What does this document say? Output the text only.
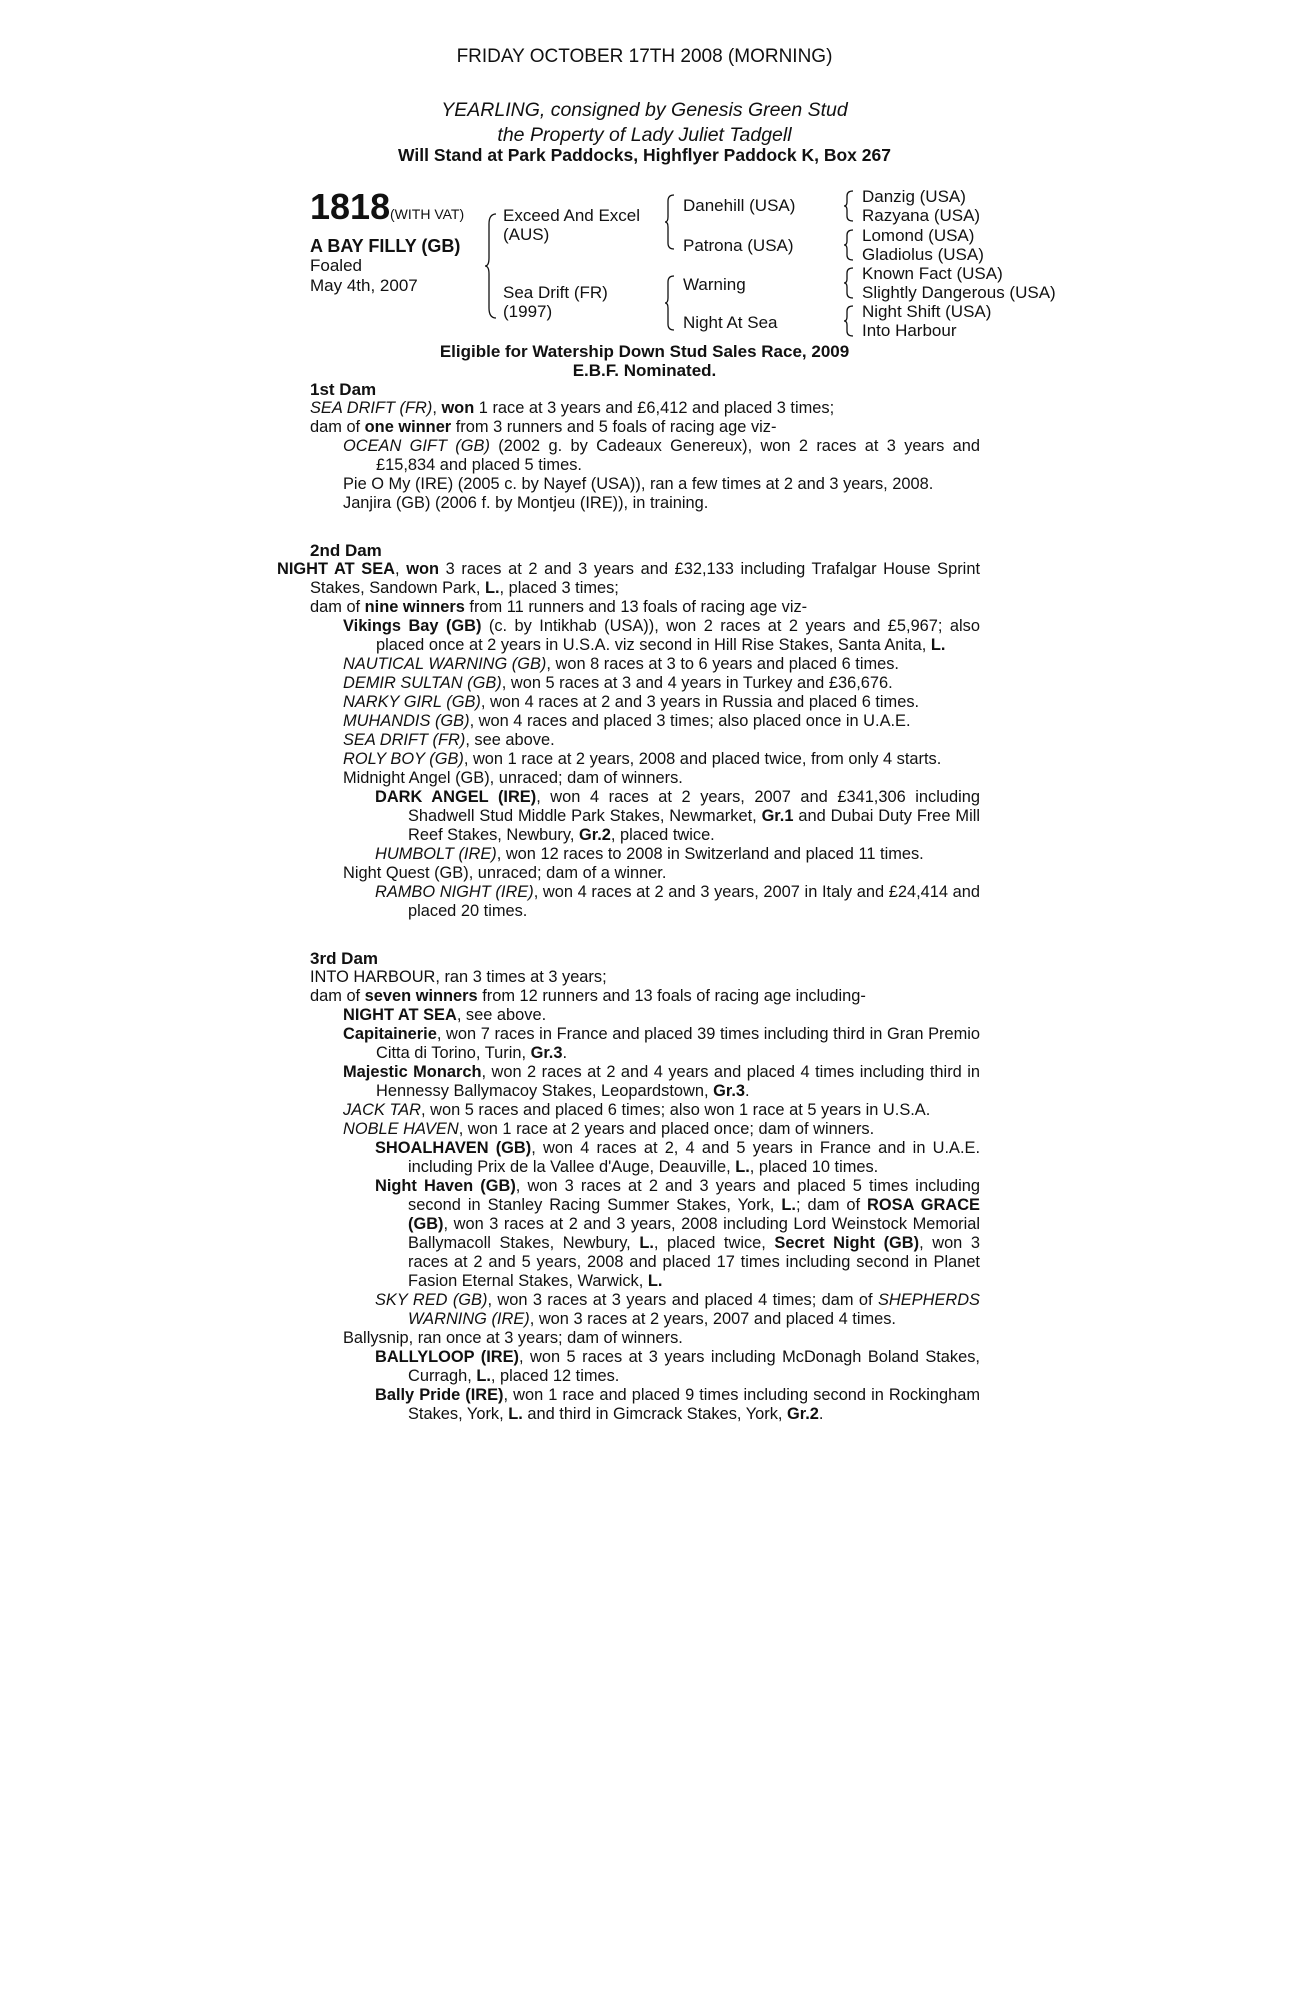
FRIDAY OCTOBER 17TH 2008 (MORNING)
YEARLING, consigned by Genesis Green Stud
the Property of Lady Juliet Tadgell
Will Stand at Park Paddocks, Highflyer Paddock K, Box 267
1818 (WITH VAT)
A BAY FILLY (GB)
Foaled
May 4th, 2007
Exceed And Excel
(AUS)
Sea Drift (FR)
(1997)
Danehill (USA)
Patrona (USA)
Warning
Night At Sea
Danzig (USA)
Razyana (USA)
Lomond (USA)
Gladiolus (USA)
Known Fact (USA)
Slightly Dangerous (USA)
Night Shift (USA)
Into Harbour
Eligible for Watership Down Stud Sales Race, 2009
E.B.F. Nominated.
1st Dam
SEA DRIFT (FR), won 1 race at 3 years and £6,412 and placed 3 times;
dam of one winner from 3 runners and 5 foals of racing age viz-
OCEAN GIFT (GB) (2002 g. by Cadeaux Genereux), won 2 races at 3 years and £15,834 and placed 5 times.
Pie O My (IRE) (2005 c. by Nayef (USA)), ran a few times at 2 and 3 years, 2008.
Janjira (GB) (2006 f. by Montjeu (IRE)), in training.
2nd Dam
NIGHT AT SEA, won 3 races at 2 and 3 years and £32,133 including Trafalgar House Sprint Stakes, Sandown Park, L., placed 3 times;
dam of nine winners from 11 runners and 13 foals of racing age viz-
Vikings Bay (GB) (c. by Intikhab (USA)), won 2 races at 2 years and £5,967; also placed once at 2 years in U.S.A. viz second in Hill Rise Stakes, Santa Anita, L.
NAUTICAL WARNING (GB), won 8 races at 3 to 6 years and placed 6 times.
DEMIR SULTAN (GB), won 5 races at 3 and 4 years in Turkey and £36,676.
NARKY GIRL (GB), won 4 races at 2 and 3 years in Russia and placed 6 times.
MUHANDIS (GB), won 4 races and placed 3 times; also placed once in U.A.E.
SEA DRIFT (FR), see above.
ROLY BOY (GB), won 1 race at 2 years, 2008 and placed twice, from only 4 starts.
Midnight Angel (GB), unraced; dam of winners.
DARK ANGEL (IRE), won 4 races at 2 years, 2007 and £341,306 including Shadwell Stud Middle Park Stakes, Newmarket, Gr.1 and Dubai Duty Free Mill Reef Stakes, Newbury, Gr.2, placed twice.
HUMBOLT (IRE), won 12 races to 2008 in Switzerland and placed 11 times.
Night Quest (GB), unraced; dam of a winner.
RAMBO NIGHT (IRE), won 4 races at 2 and 3 years, 2007 in Italy and £24,414 and placed 20 times.
3rd Dam
INTO HARBOUR, ran 3 times at 3 years;
dam of seven winners from 12 runners and 13 foals of racing age including-
NIGHT AT SEA, see above.
Capitainerie, won 7 races in France and placed 39 times including third in Gran Premio Citta di Torino, Turin, Gr.3.
Majestic Monarch, won 2 races at 2 and 4 years and placed 4 times including third in Hennessy Ballymacoy Stakes, Leopardstown, Gr.3.
JACK TAR, won 5 races and placed 6 times; also won 1 race at 5 years in U.S.A.
NOBLE HAVEN, won 1 race at 2 years and placed once; dam of winners.
SHOALHAVEN (GB), won 4 races at 2, 4 and 5 years in France and in U.A.E. including Prix de la Vallee d'Auge, Deauville, L., placed 10 times.
Night Haven (GB), won 3 races at 2 and 3 years and placed 5 times including second in Stanley Racing Summer Stakes, York, L.; dam of ROSA GRACE (GB), won 3 races at 2 and 3 years, 2008 including Lord Weinstock Memorial Ballymacoll Stakes, Newbury, L., placed twice, Secret Night (GB), won 3 races at 2 and 5 years, 2008 and placed 17 times including second in Planet Fasion Eternal Stakes, Warwick, L.
SKY RED (GB), won 3 races at 3 years and placed 4 times; dam of SHEPHERDS WARNING (IRE), won 3 races at 2 years, 2007 and placed 4 times.
Ballysnip, ran once at 3 years; dam of winners.
BALLYLOOP (IRE), won 5 races at 3 years including McDonagh Boland Stakes, Curragh, L., placed 12 times.
Bally Pride (IRE), won 1 race and placed 9 times including second in Rockingham Stakes, York, L. and third in Gimcrack Stakes, York, Gr.2.
